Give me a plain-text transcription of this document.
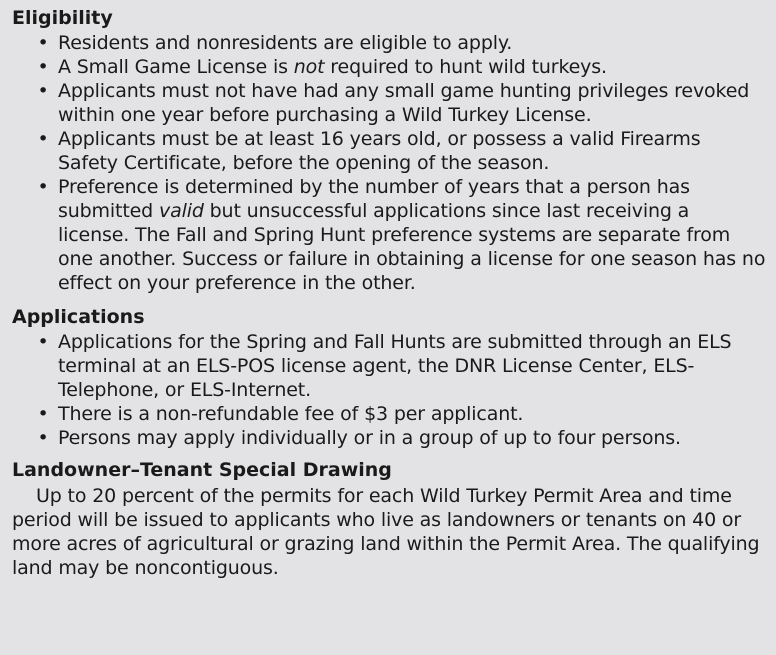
Eligibility
• Residents and nonresidents are eligible to apply.
• A Small Game License is not required to hunt wild turkeys.
• Applicants must not have had any small game hunting privileges revoked within one year before purchasing a Wild Turkey License.
• Applicants must be at least 16 years old, or possess a valid Firearms Safety Certificate, before the opening of the season.
• Preference is determined by the number of years that a person has submitted valid but unsuccessful applications since last receiving a license. The Fall and Spring Hunt preference systems are separate from one another. Success or failure in obtaining a license for one season has no effect on your preference in the other.
Applications
• Applications for the Spring and Fall Hunts are submitted through an ELS terminal at an ELS-POS license agent, the DNR License Center, ELS-Telephone, or ELS-Internet.
• There is a non-refundable fee of $3 per applicant.
• Persons may apply individually or in a group of up to four persons.
Landowner–Tenant Special Drawing

Up to 20 percent of the permits for each Wild Turkey Permit Area and time period will be issued to applicants who live as landowners or tenants on 40 or more acres of agricultural or grazing land within the Permit Area. The qualifying land may be noncontiguous.
